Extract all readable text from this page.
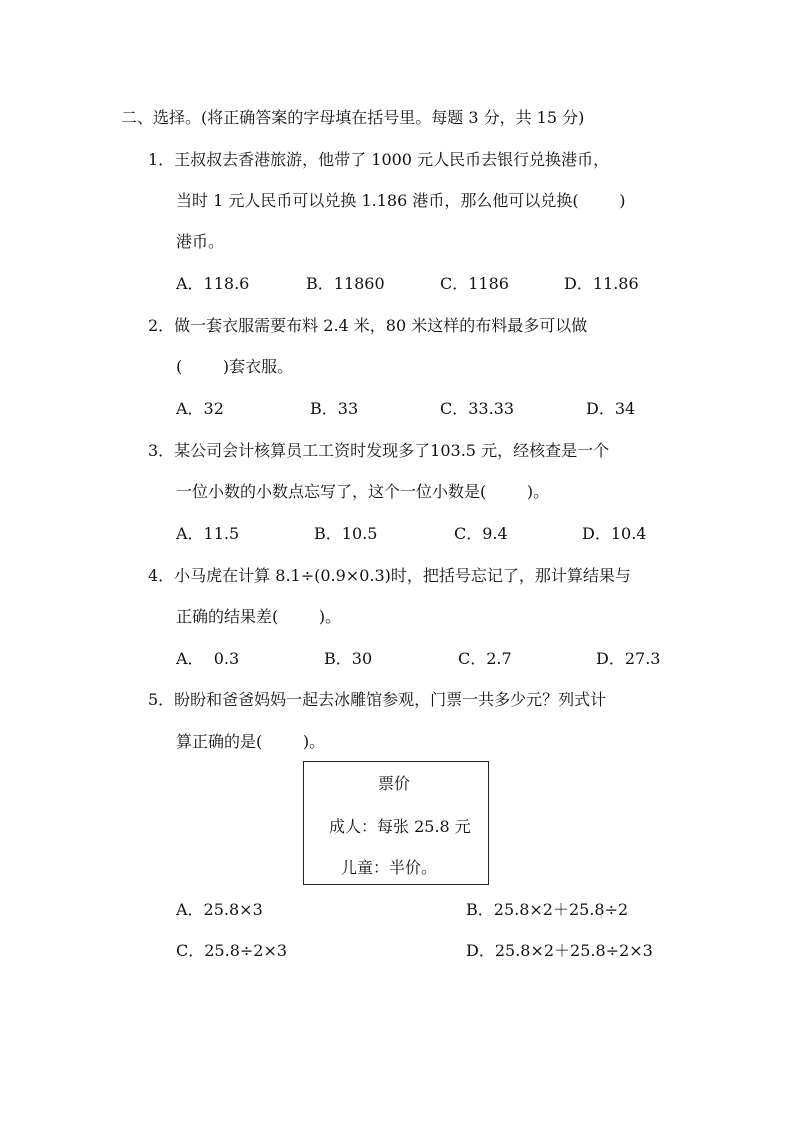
二、选择。(将正确答案的字母填在括号里。每题 3 分，共 15 分)
1．王叔叔去香港旅游，他带了 1000 元人民币去银行兑换港币，
当时 1 元人民币可以兑换 1.186 港币，那么他可以兑换(        )
港币。
A．118.6	B．11860	C．1186	D．11.86
2．做一套衣服需要布料 2.4 米，80 米这样的布料最多可以做
(        )套衣服。
A．32	B．33	C．33.33	D．34
3．某公司会计核算员工工资时发现多了103.5 元，经核查是一个
一位小数的小数点忘写了，这个一位小数是(        )。
A．11.5	B．10.5	C．9.4	D．10.4
4．小马虎在计算 8.1÷(0.9×0.3)时，把括号忘记了，那计算结果与
正确的结果差(        )。
A．  0.3	B．30	C．2.7	D．27.3
5．盼盼和爸爸妈妈一起去冰雕馆参观，门票一共多少元？列式计
算正确的是(        )。
票价
成人：每张 25.8 元
儿童：半价。
A．25.8×3	B．25.8×2＋25.8÷2
C．25.8÷2×3	D．25.8×2＋25.8÷2×3
